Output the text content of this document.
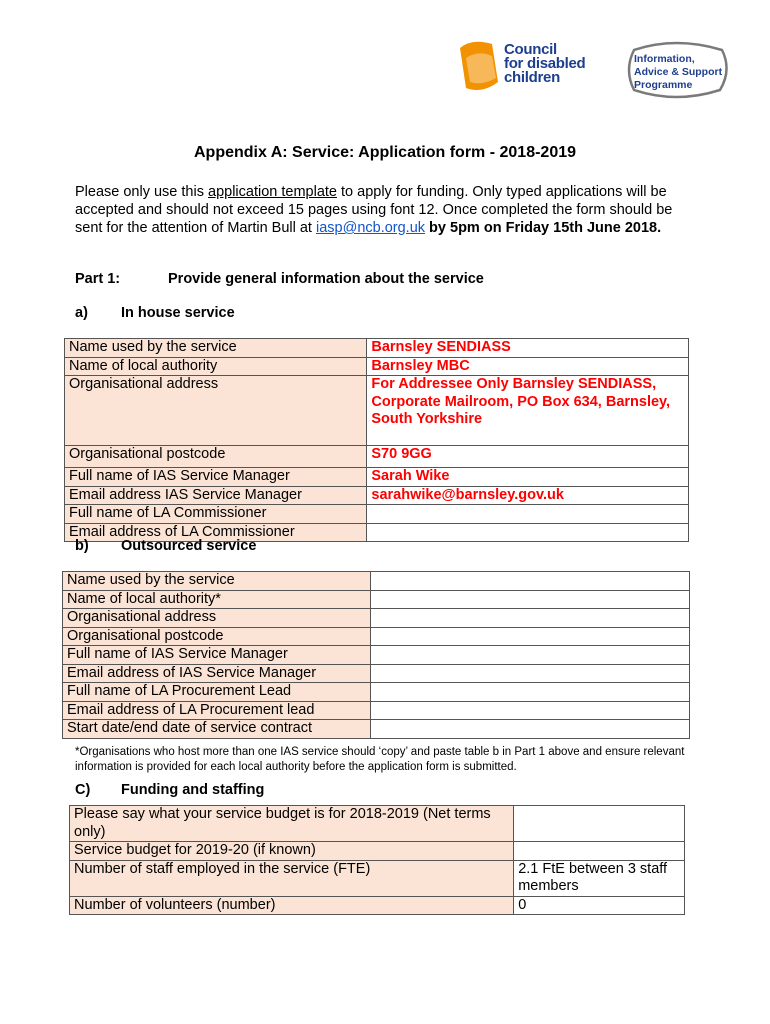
Council
for disabled
children
Information,
Advice & Support
Programme
Appendix A: Service: Application form - 2018-2019
Please only use this application template to apply for funding. Only typed applications will be accepted and should not exceed 15 pages using font 12. Once completed the form should be sent for the attention of Martin Bull at iasp@ncb.org.uk by 5pm on Friday 15th June 2018.
Part 1:	Provide general information about the service
a) In house service
Name used by the service	Barnsley SENDIASS
Name of local authority	Barnsley MBC
Organisational address	For Addressee Only Barnsley SENDIASS, Corporate Mailroom, PO Box 634, Barnsley, South Yorkshire
Organisational postcode	S70 9GG
Full name of IAS Service Manager	Sarah Wike
Email address IAS Service Manager	sarahwike@barnsley.gov.uk
Full name of LA Commissioner	
Email address of LA Commissioner	
b) Outsourced service
Name used by the service	
Name of local authority*	
Organisational address	
Organisational postcode	
Full name of IAS Service Manager	
Email address of IAS Service Manager	
Full name of LA Procurement Lead	
Email address of LA Procurement lead	
Start date/end date of service contract	
*Organisations who host more than one IAS service should ‘copy’ and paste table b in Part 1 above and ensure relevant information is provided for each local authority before the application form is submitted.
C) Funding and staffing
Please say what your service budget is for 2018-2019 (Net terms only)	
Service budget for 2019-20 (if known)	
Number of staff employed in the service (FTE)	2.1 FtE between 3 staff members
Number of volunteers (number)	0
